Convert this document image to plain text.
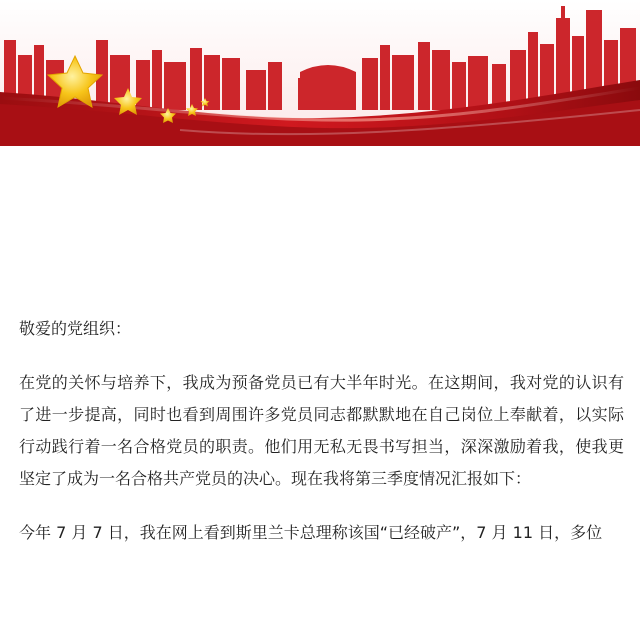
敬爱的党组织：

在党的关怀与培养下，我成为预备党员已有大半年时光。在这期间，我对党的认识有了进一步提高，同时也看到周围许多党员同志都默默地在自己岗位上奉献着，以实际行动践行着一名合格党员的职责。他们用无私无畏书写担当，深深激励着我，使我更坚定了成为一名合格共产党员的决心。现在我将第三季度情况汇报如下：

今年 7 月 7 日，我在网上看到斯里兰卡总理称该国“已经破产”，7 月 11 日，多位
